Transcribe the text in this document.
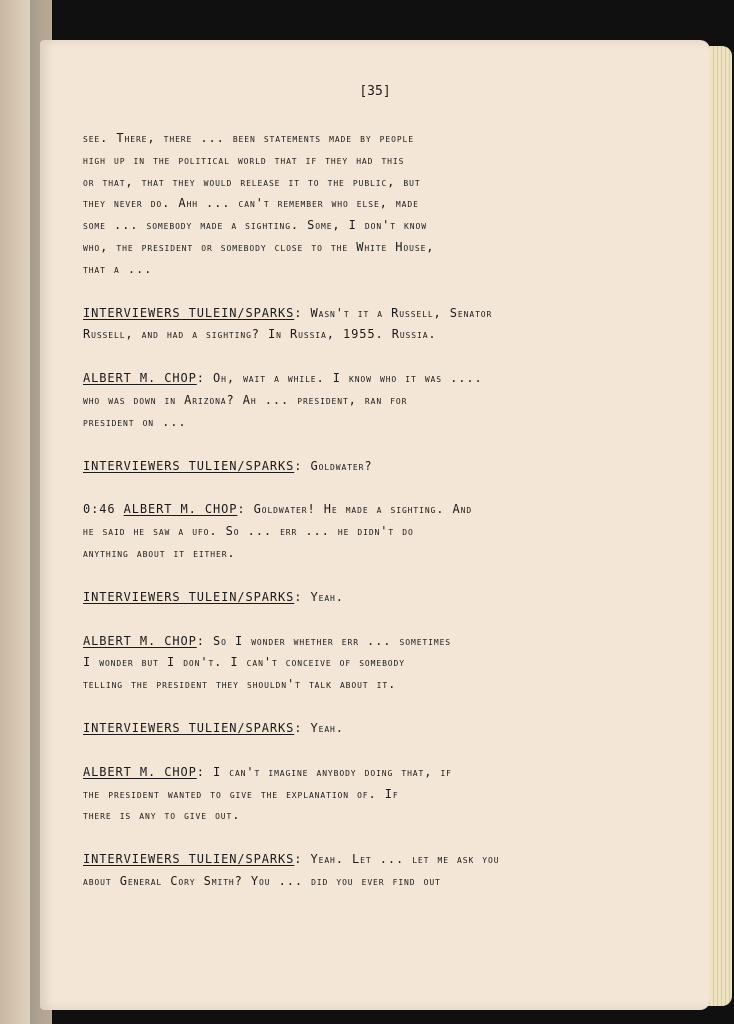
[35]

see. There, there ... been statements made by people
high up in the political world that if they had this
or that, that they would release it to the public, but
they never do. Ahh ... can't remember who else, made
some ... somebody made a sighting. Some, I don't know
who, the president or somebody close to the White House,
that a ...

INTERVIEWERS TULEIN/SPARKS: Wasn't it a Russell, Senator
Russell, and had a sighting? In Russia, 1955. Russia.

ALBERT M. CHOP: Oh, wait a while. I know who it was ....
who was down in Arizona? Ah ... president, ran for
president on ...

INTERVIEWERS TULIEN/SPARKS: Goldwater?

0:46 ALBERT M. CHOP: Goldwater! He made a sighting. And
he said he saw a ufo. So ... err ... he didn't do
anything about it either.

INTERVIEWERS TULEIN/SPARKS: Yeah.

ALBERT M. CHOP: So I wonder whether err ... sometimes
I wonder but I don't. I can't conceive of somebody
telling the president they shouldn't talk about it.

INTERVIEWERS TULIEN/SPARKS: Yeah.

ALBERT M. CHOP: I can't imagine anybody doing that, if
the president wanted to give the explanation of. If
there is any to give out.

INTERVIEWERS TULIEN/SPARKS: Yeah. Let ... let me ask you
about General Cory Smith? You ... did you ever find out
